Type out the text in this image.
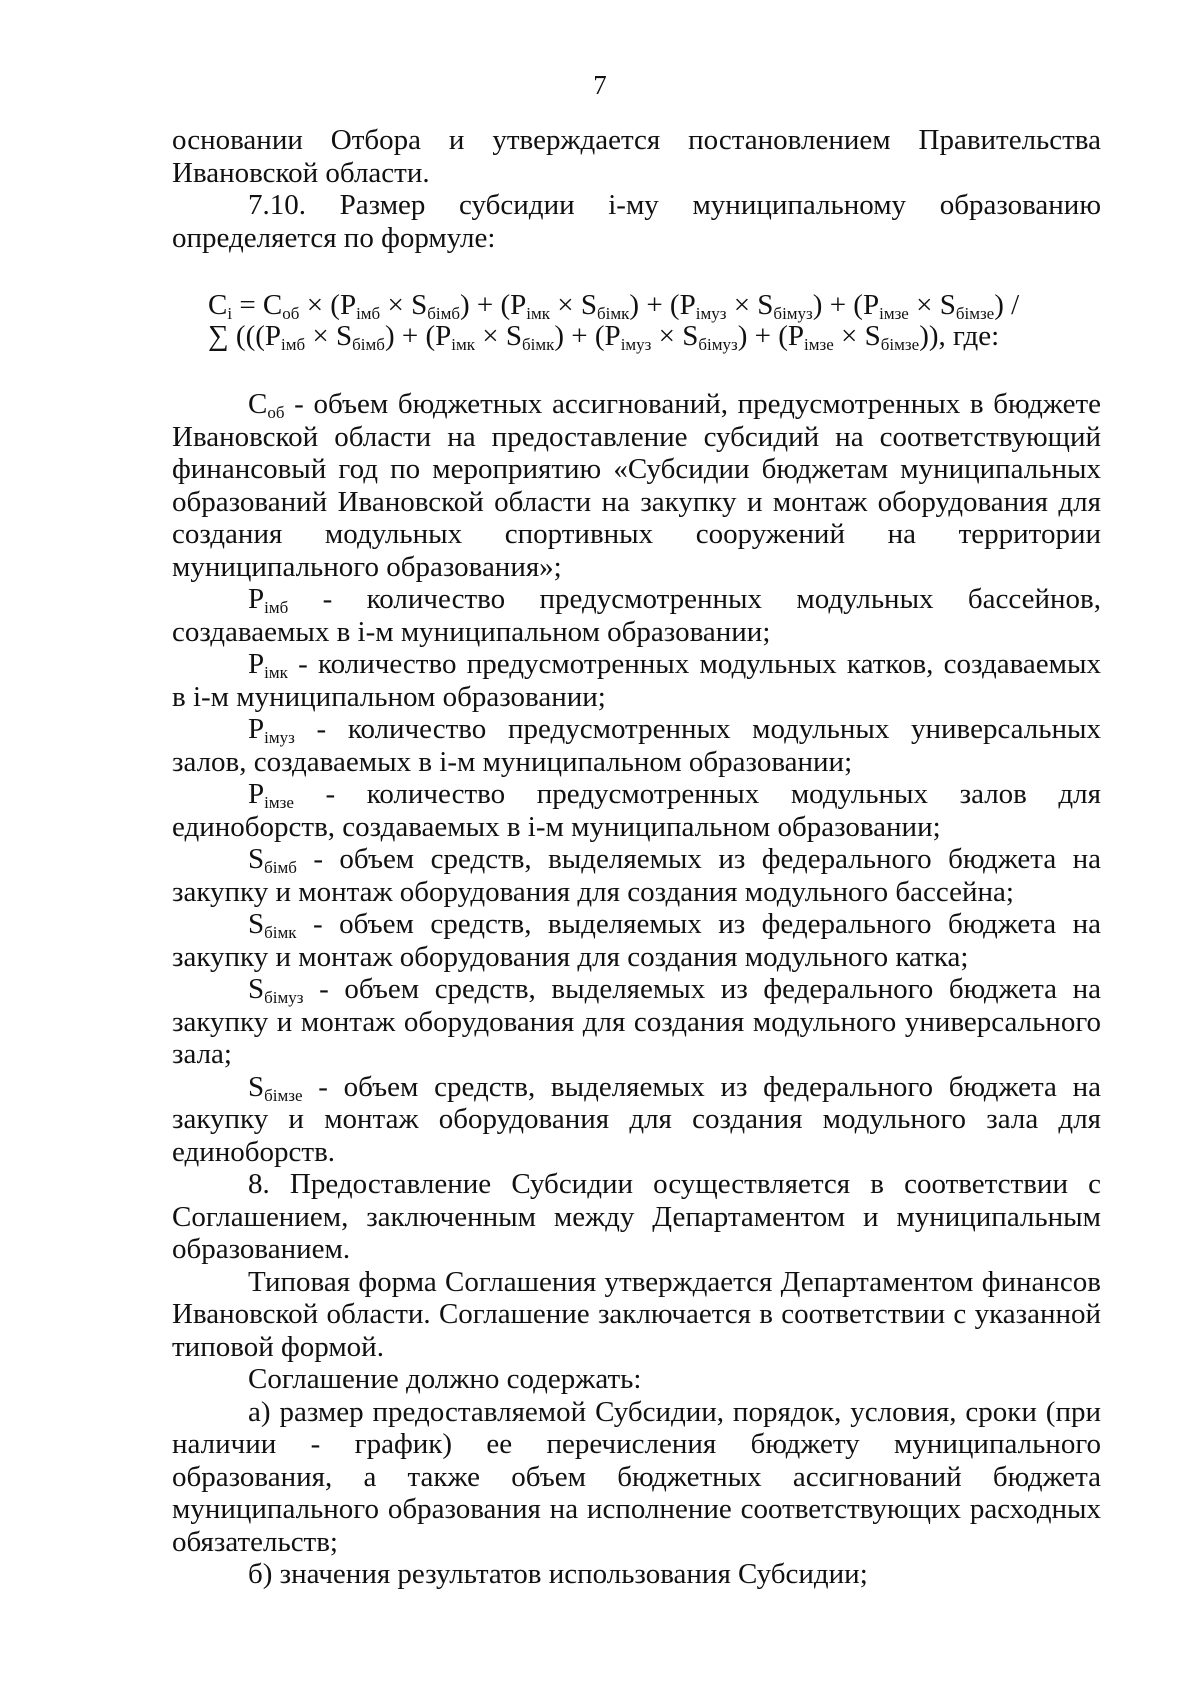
7

основании Отбора и утверждается постановлением Правительства Ивановской области.

7.10. Размер субсидии i-му муниципальному образованию определяется по формуле:

$C_i = C_{об} \times (P_{імб} \times S_{бімб}) + (P_{імк} \times S_{бімк}) + (P_{імуз} \times S_{бімуз}) + (P_{імзе} \times S_{бімзе})$ /
∑ ($((P_{імб} \times S_{бімб}) + (P_{імк} \times S_{бімк}) + (P_{імуз} \times S_{бімуз}) + (P_{імзе} \times S_{бімзе}))$, где:

$C_{об}$ - объем бюджетных ассигнований, предусмотренных в бюджете Ивановской области на предоставление субсидий на соответствующий финансовый год по мероприятию «Субсидии бюджетам муниципальных образований Ивановской области на закупку и монтаж оборудования для создания модульных спортивных сооружений на территории муниципального образования»;

$P_{імб}$ - количество предусмотренных модульных бассейнов, создаваемых в i-м муниципальном образовании;

$P_{імк}$ - количество предусмотренных модульных катков, создаваемых в i-м муниципальном образовании;

$P_{імуз}$ - количество предусмотренных модульных универсальных залов, создаваемых в i-м муниципальном образовании;

$P_{імзе}$ - количество предусмотренных модульных залов для единоборств, создаваемых в i-м муниципальном образовании;

$S_{бімб}$ - объем средств, выделяемых из федерального бюджета на закупку и монтаж оборудования для создания модульного бассейна;

$S_{бімк}$ - объем средств, выделяемых из федерального бюджета на закупку и монтаж оборудования для создания модульного катка;

$S_{бімуз}$ - объем средств, выделяемых из федерального бюджета на закупку и монтаж оборудования для создания модульного универсального зала;

$S_{бімзе}$ - объем средств, выделяемых из федерального бюджета на закупку и монтаж оборудования для создания модульного зала для единоборств.

8. Предоставление Субсидии осуществляется в соответствии с Соглашением, заключенным между Департаментом и муниципальным образованием.

Типовая форма Соглашения утверждается Департаментом финансов Ивановской области. Соглашение заключается в соответствии с указанной типовой формой.

Соглашение должно содержать:

а) размер предоставляемой Субсидии, порядок, условия, сроки (при наличии - график) ее перечисления бюджету муниципального образования, а также объем бюджетных ассигнований бюджета муниципального образования на исполнение соответствующих расходных обязательств;

б) значения результатов использования Субсидии;
